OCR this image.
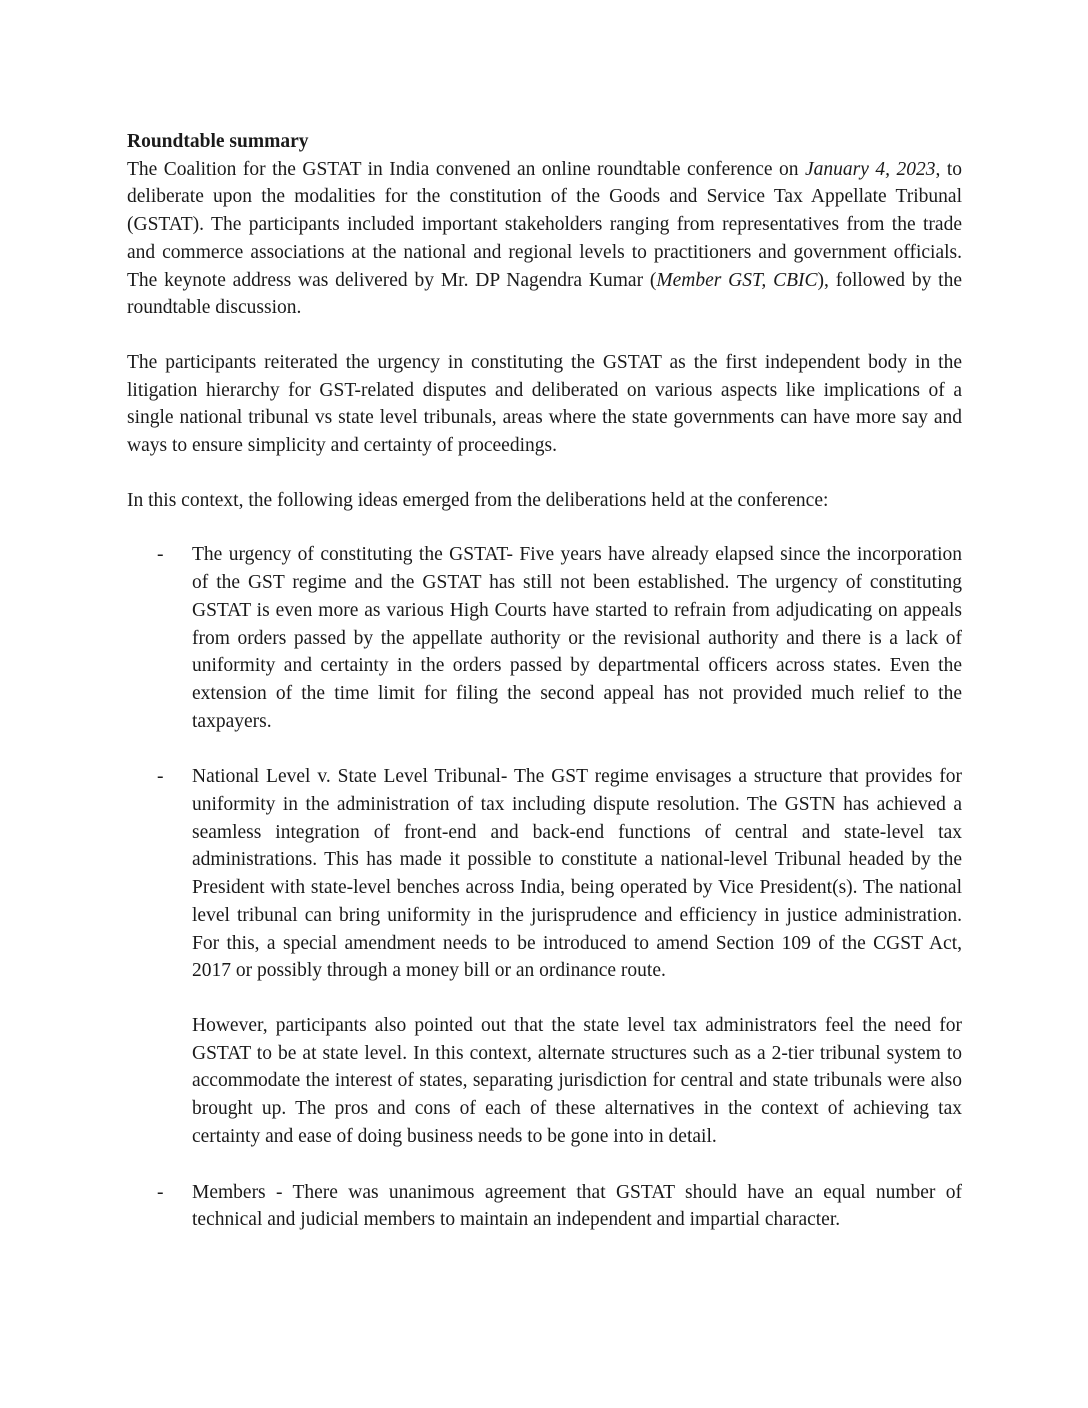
Roundtable summary

The Coalition for the GSTAT in India convened an online roundtable conference on January 4, 2023, to deliberate upon the modalities for the constitution of the Goods and Service Tax Appellate Tribunal (GSTAT). The participants included important stakeholders ranging from representatives from the trade and commerce associations at the national and regional levels to practitioners and government officials. The keynote address was delivered by Mr. DP Nagendra Kumar (Member GST, CBIC), followed by the roundtable discussion.

The participants reiterated the urgency in constituting the GSTAT as the first independent body in the litigation hierarchy for GST-related disputes and deliberated on various aspects like implications of a single national tribunal vs state level tribunals, areas where the state governments can have more say and ways to ensure simplicity and certainty of proceedings.

In this context, the following ideas emerged from the deliberations held at the conference:

- The urgency of constituting the GSTAT- Five years have already elapsed since the incorporation of the GST regime and the GSTAT has still not been established. The urgency of constituting GSTAT is even more as various High Courts have started to refrain from adjudicating on appeals from orders passed by the appellate authority or the revisional authority and there is a lack of uniformity and certainty in the orders passed by departmental officers across states. Even the extension of the time limit for filing the second appeal has not provided much relief to the taxpayers.

- National Level v. State Level Tribunal- The GST regime envisages a structure that provides for uniformity in the administration of tax including dispute resolution. The GSTN has achieved a seamless integration of front-end and back-end functions of central and state-level tax administrations. This has made it possible to constitute a national-level Tribunal headed by the President with state-level benches across India, being operated by Vice President(s). The national level tribunal can bring uniformity in the jurisprudence and efficiency in justice administration. For this, a special amendment needs to be introduced to amend Section 109 of the CGST Act, 2017 or possibly through a money bill or an ordinance route.

However, participants also pointed out that the state level tax administrators feel the need for GSTAT to be at state level. In this context, alternate structures such as a 2-tier tribunal system to accommodate the interest of states, separating jurisdiction for central and state tribunals were also brought up. The pros and cons of each of these alternatives in the context of achieving tax certainty and ease of doing business needs to be gone into in detail.

- Members - There was unanimous agreement that GSTAT should have an equal number of technical and judicial members to maintain an independent and impartial character.
